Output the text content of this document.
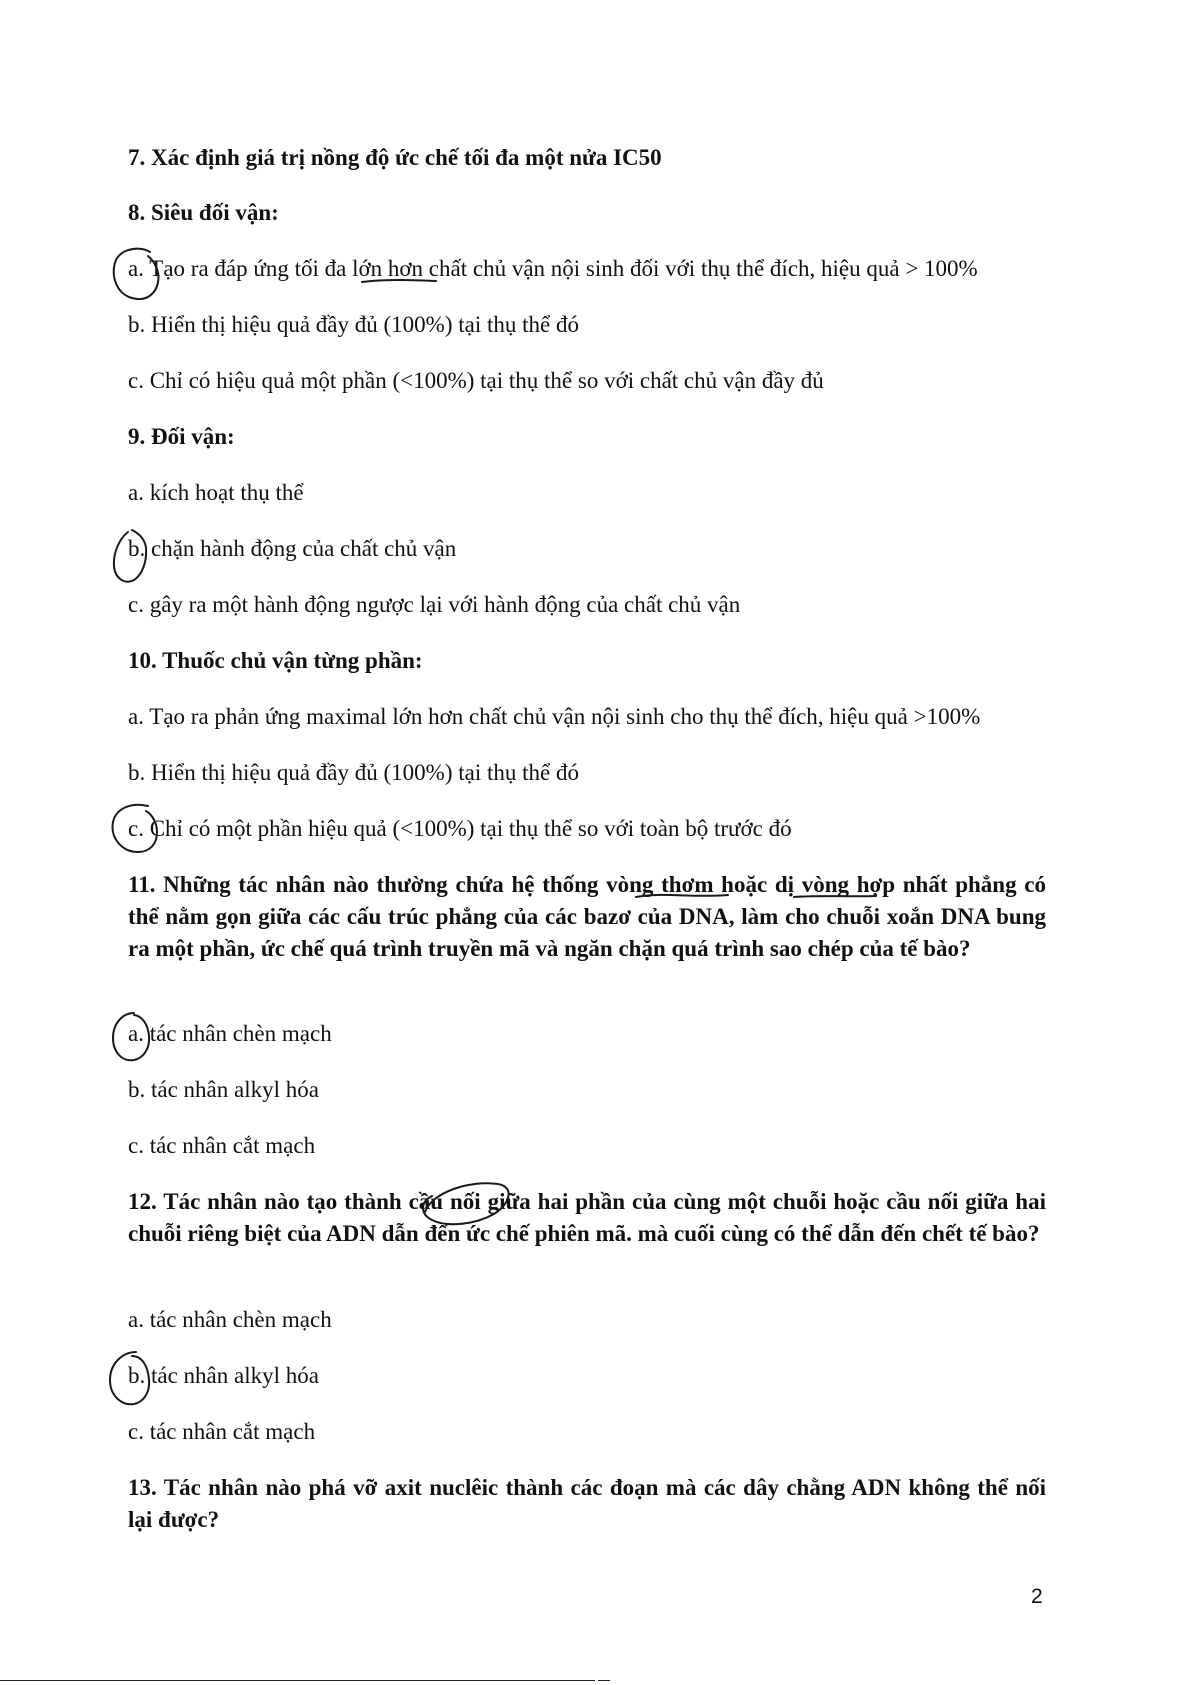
7. Xác định giá trị nồng độ ức chế tối đa một nửa IC50
8. Siêu đối vận:
a. Tạo ra đáp ứng tối đa lớn hơn chất chủ vận nội sinh đối với thụ thể đích, hiệu quả > 100%
b. Hiển thị hiệu quả đầy đủ (100%) tại thụ thể đó
c. Chỉ có hiệu quả một phần (<100%) tại thụ thể so với chất chủ vận đầy đủ
9. Đối vận:
a. kích hoạt thụ thể
b. chặn hành động của chất chủ vận
c. gây ra một hành động ngược lại với hành động của chất chủ vận
10. Thuốc chủ vận từng phần:
a. Tạo ra phản ứng maximal lớn hơn chất chủ vận nội sinh cho thụ thể đích, hiệu quả >100%
b. Hiển thị hiệu quả đầy đủ (100%) tại thụ thể đó
c. Chỉ có một phần hiệu quả (<100%) tại thụ thể so với toàn bộ trước đó
11. Những tác nhân nào thường chứa hệ thống vòng thơm hoặc dị vòng hợp nhất phẳng có thể nằm gọn giữa các cấu trúc phẳng của các bazơ của DNA, làm cho chuỗi xoắn DNA bung ra một phần, ức chế quá trình truyền mã và ngăn chặn quá trình sao chép của tế bào?
a. tác nhân chèn mạch
b. tác nhân alkyl hóa
c. tác nhân cắt mạch
12. Tác nhân nào tạo thành cầu nối giữa hai phần của cùng một chuỗi hoặc cầu nối giữa hai chuỗi riêng biệt của ADN dẫn đến ức chế phiên mã. mà cuối cùng có thể dẫn đến chết tế bào?
a. tác nhân chèn mạch
b. tác nhân alkyl hóa
c. tác nhân cắt mạch
13. Tác nhân nào phá vỡ axit nuclêic thành các đoạn mà các dây chằng ADN không thể nối lại được?
2
